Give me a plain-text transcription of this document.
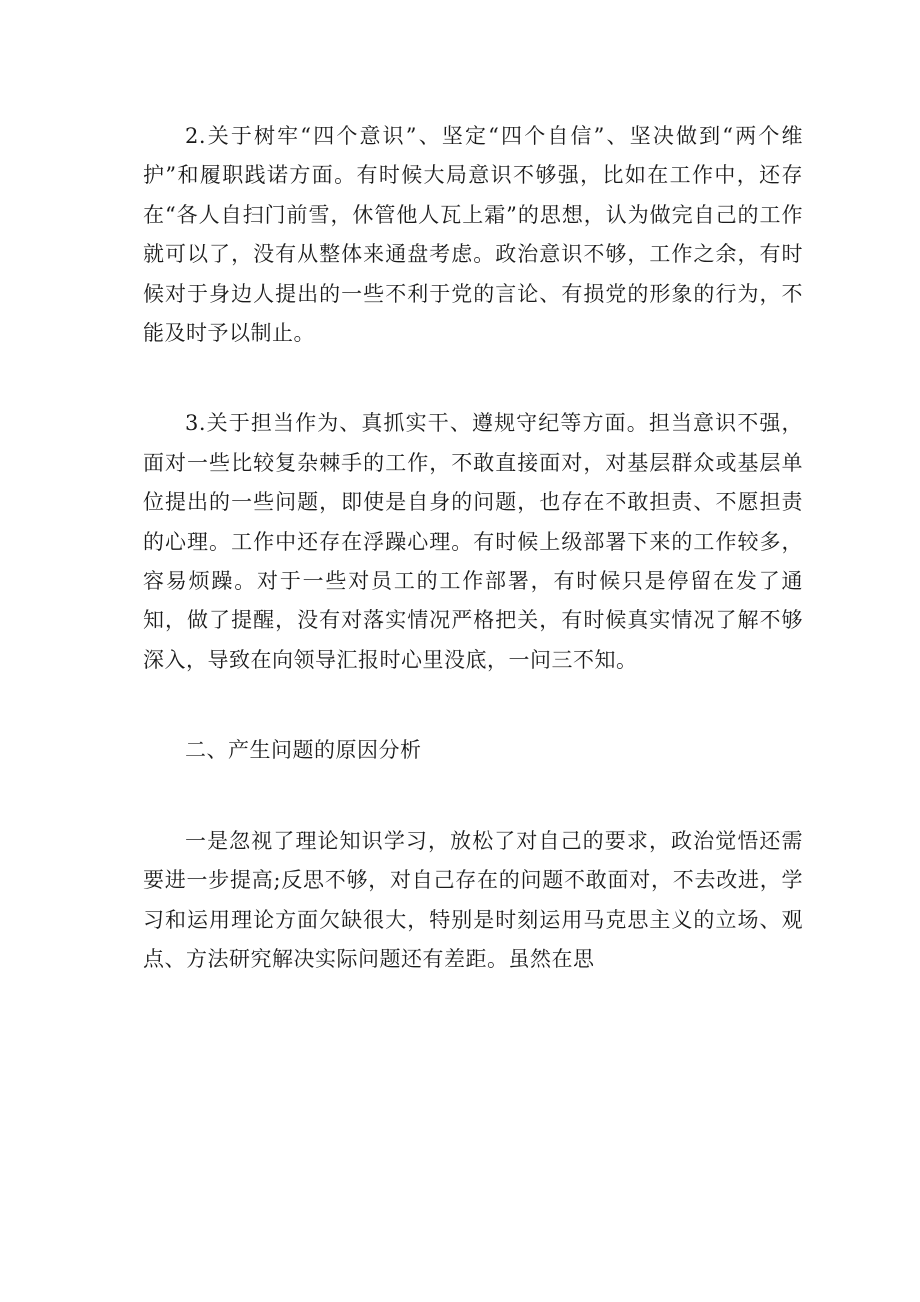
2.关于树牢“四个意识”、坚定“四个自信”、坚决做到“两个维护”和履职践诺方面。有时候大局意识不够强，比如在工作中，还存在“各人自扫门前雪，休管他人瓦上霜”的思想，认为做完自己的工作就可以了，没有从整体来通盘考虑。政治意识不够，工作之余，有时候对于身边人提出的一些不利于党的言论、有损党的形象的行为，不能及时予以制止。

3.关于担当作为、真抓实干、遵规守纪等方面。担当意识不强，面对一些比较复杂棘手的工作，不敢直接面对，对基层群众或基层单位提出的一些问题，即使是自身的问题，也存在不敢担责、不愿担责的心理。工作中还存在浮躁心理。有时候上级部署下来的工作较多，容易烦躁。对于一些对员工的工作部署，有时候只是停留在发了通知，做了提醒，没有对落实情况严格把关，有时候真实情况了解不够深入，导致在向领导汇报时心里没底，一问三不知。

二、产生问题的原因分析

一是忽视了理论知识学习，放松了对自己的要求，政治觉悟还需要进一步提高;反思不够，对自己存在的问题不敢面对，不去改进，学习和运用理论方面欠缺很大，特别是时刻运用马克思主义的立场、观点、方法研究解决实际问题还有差距。虽然在思
